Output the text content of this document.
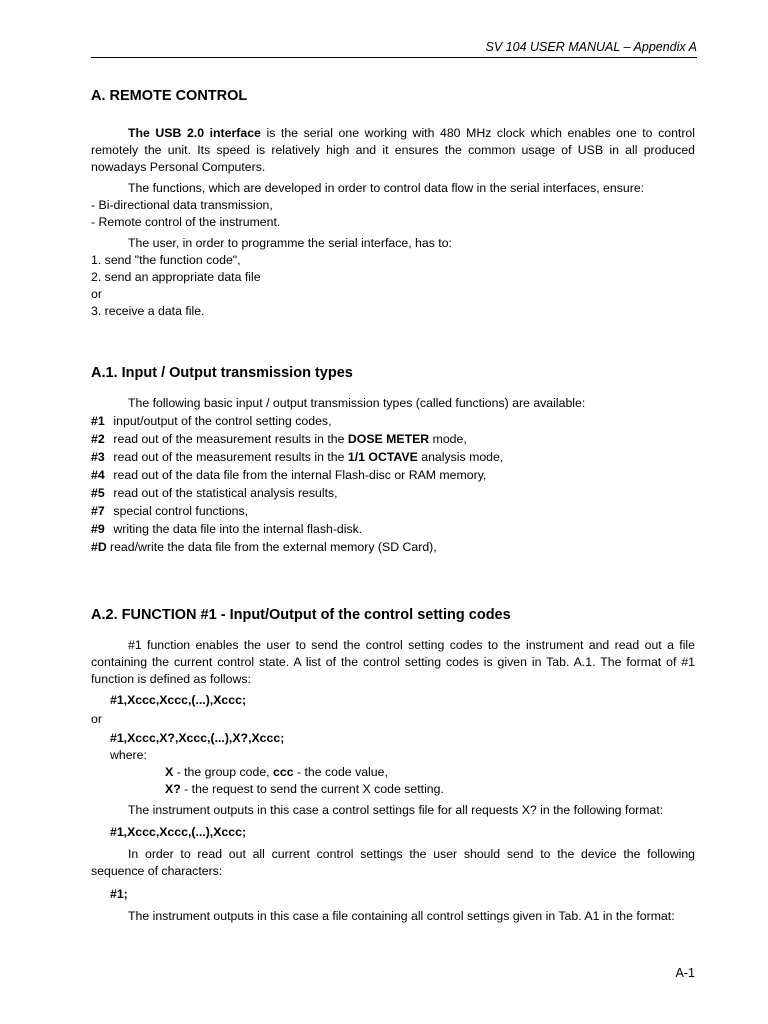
SV 104 USER MANUAL – Appendix A
A. REMOTE CONTROL

The USB 2.0 interface is the serial one working with 480 MHz clock which enables one to control remotely the unit. Its speed is relatively high and it ensures the common usage of USB in all produced nowadays Personal Computers.

The functions, which are developed in order to control data flow in the serial interfaces, ensure:

- Bi-directional data transmission,

- Remote control of the instrument.

The user, in order to programme the serial interface, has to:

1. send "the function code",

2. send an appropriate data file

or

3. receive a data file.

A.1. Input / Output transmission types

The following basic input / output transmission types (called functions) are available:

#1 input/output of the control setting codes,

#2 read out of the measurement results in the DOSE METER mode,

#3 read out of the measurement results in the 1/1 OCTAVE analysis mode,

#4 read out of the data file from the internal Flash-disc or RAM memory,

#5 read out of the statistical analysis results,

#7 special control functions,

#9 writing the data file into the internal flash-disk.

#D read/write the data file from the external memory (SD Card),

A.2. FUNCTION #1 - Input/Output of the control setting codes

#1 function enables the user to send the control setting codes to the instrument and read out a file containing the current control state. A list of the control setting codes is given in Tab. A.1. The format of #1 function is defined as follows:

#1,Xccc,Xccc,(...),Xccc;

or

#1,Xccc,X?,Xccc,(...),X?,Xccc;

where:

X - the group code, ccc - the code value,

X? - the request to send the current X code setting.

The instrument outputs in this case a control settings file for all requests X? in the following format:

#1,Xccc,Xccc,(...),Xccc;

In order to read out all current control settings the user should send to the device the following sequence of characters:

#1;

The instrument outputs in this case a file containing all control settings given in Tab. A1 in the format:

A-1
